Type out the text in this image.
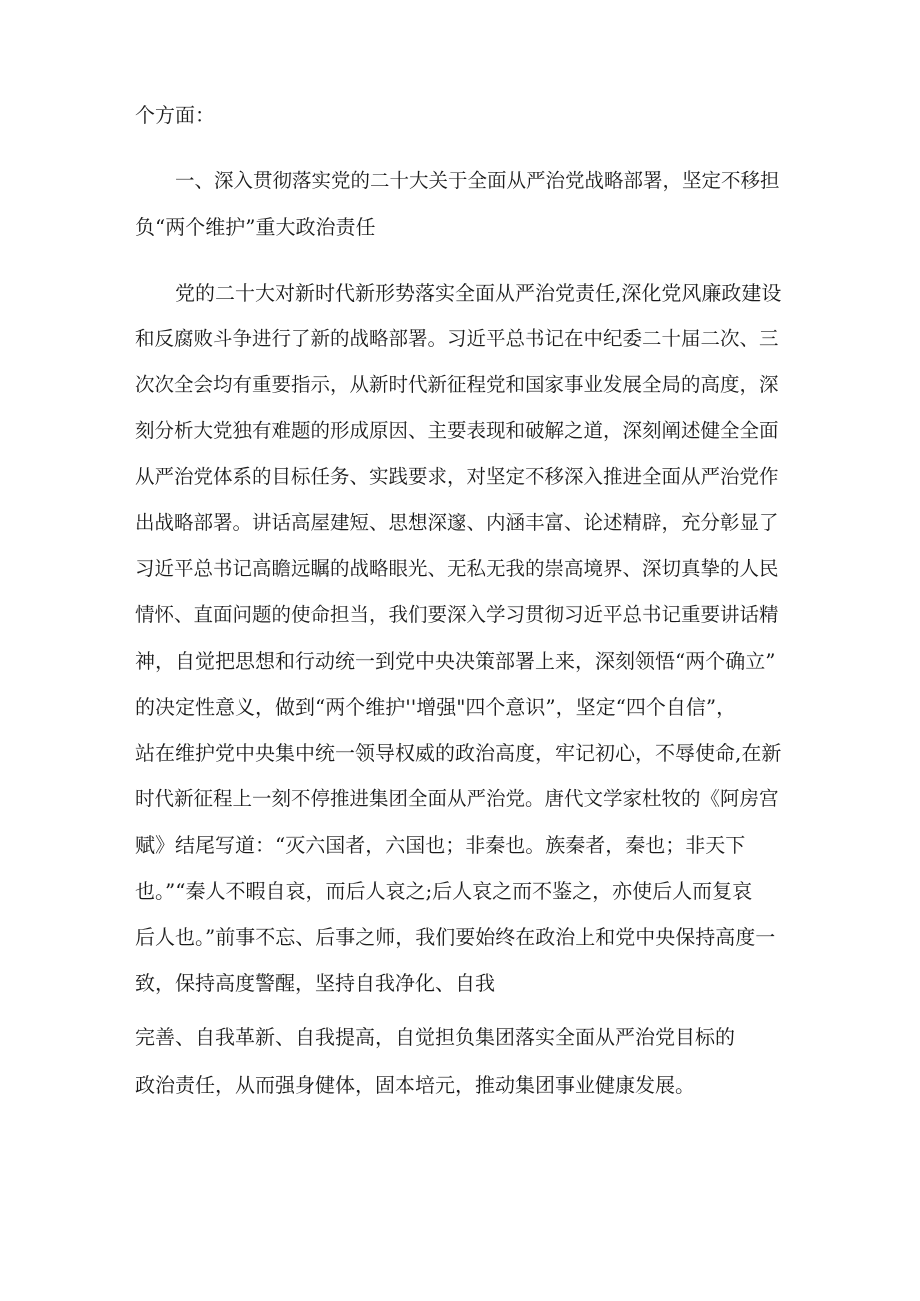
个方面：
一、深入贯彻落实党的二十大关于全面从严治党战略部署，坚定不移担
负“两个维护”重大政治责任
党的二十大对新时代新形势落实全面从严治党责任,深化党风廉政建设
和反腐败斗争进行了新的战略部署。习近平总书记在中纪委二十届二次、三
次次全会均有重要指示，从新时代新征程党和国家事业发展全局的高度，深
刻分析大党独有难题的形成原因、主要表现和破解之道，深刻阐述健全全面
从严治党体系的目标任务、实践要求，对坚定不移深入推进全面从严治党作
出战略部署。讲话高屋建短、思想深邃、内涵丰富、论述精辟，充分彰显了
习近平总书记高瞻远瞩的战略眼光、无私无我的崇高境界、深切真挚的人民
情怀、直面问题的使命担当，我们要深入学习贯彻习近平总书记重要讲话精
神，自觉把思想和行动统一到党中央决策部署上来，深刻领悟“两个确立”
的决定性意义，做到“两个维护''增强"四个意识”，坚定“四个自信”，
站在维护党中央集中统一领导权威的政治高度，牢记初心，不辱使命,在新
时代新征程上一刻不停推进集团全面从严治党。唐代文学家杜牧的《阿房宫
赋》结尾写道：“灭六国者，六国也；非秦也。族秦者，秦也；非天下
也。”“秦人不暇自哀，而后人哀之;后人哀之而不鉴之，亦使后人而复哀
后人也。”前事不忘、后事之师，我们要始终在政治上和党中央保持高度一
致，保持高度警醒，坚持自我净化、自我
完善、自我革新、自我提高，自觉担负集团落实全面从严治党目标的
政治责任，从而强身健体，固本培元，推动集团事业健康发展。
